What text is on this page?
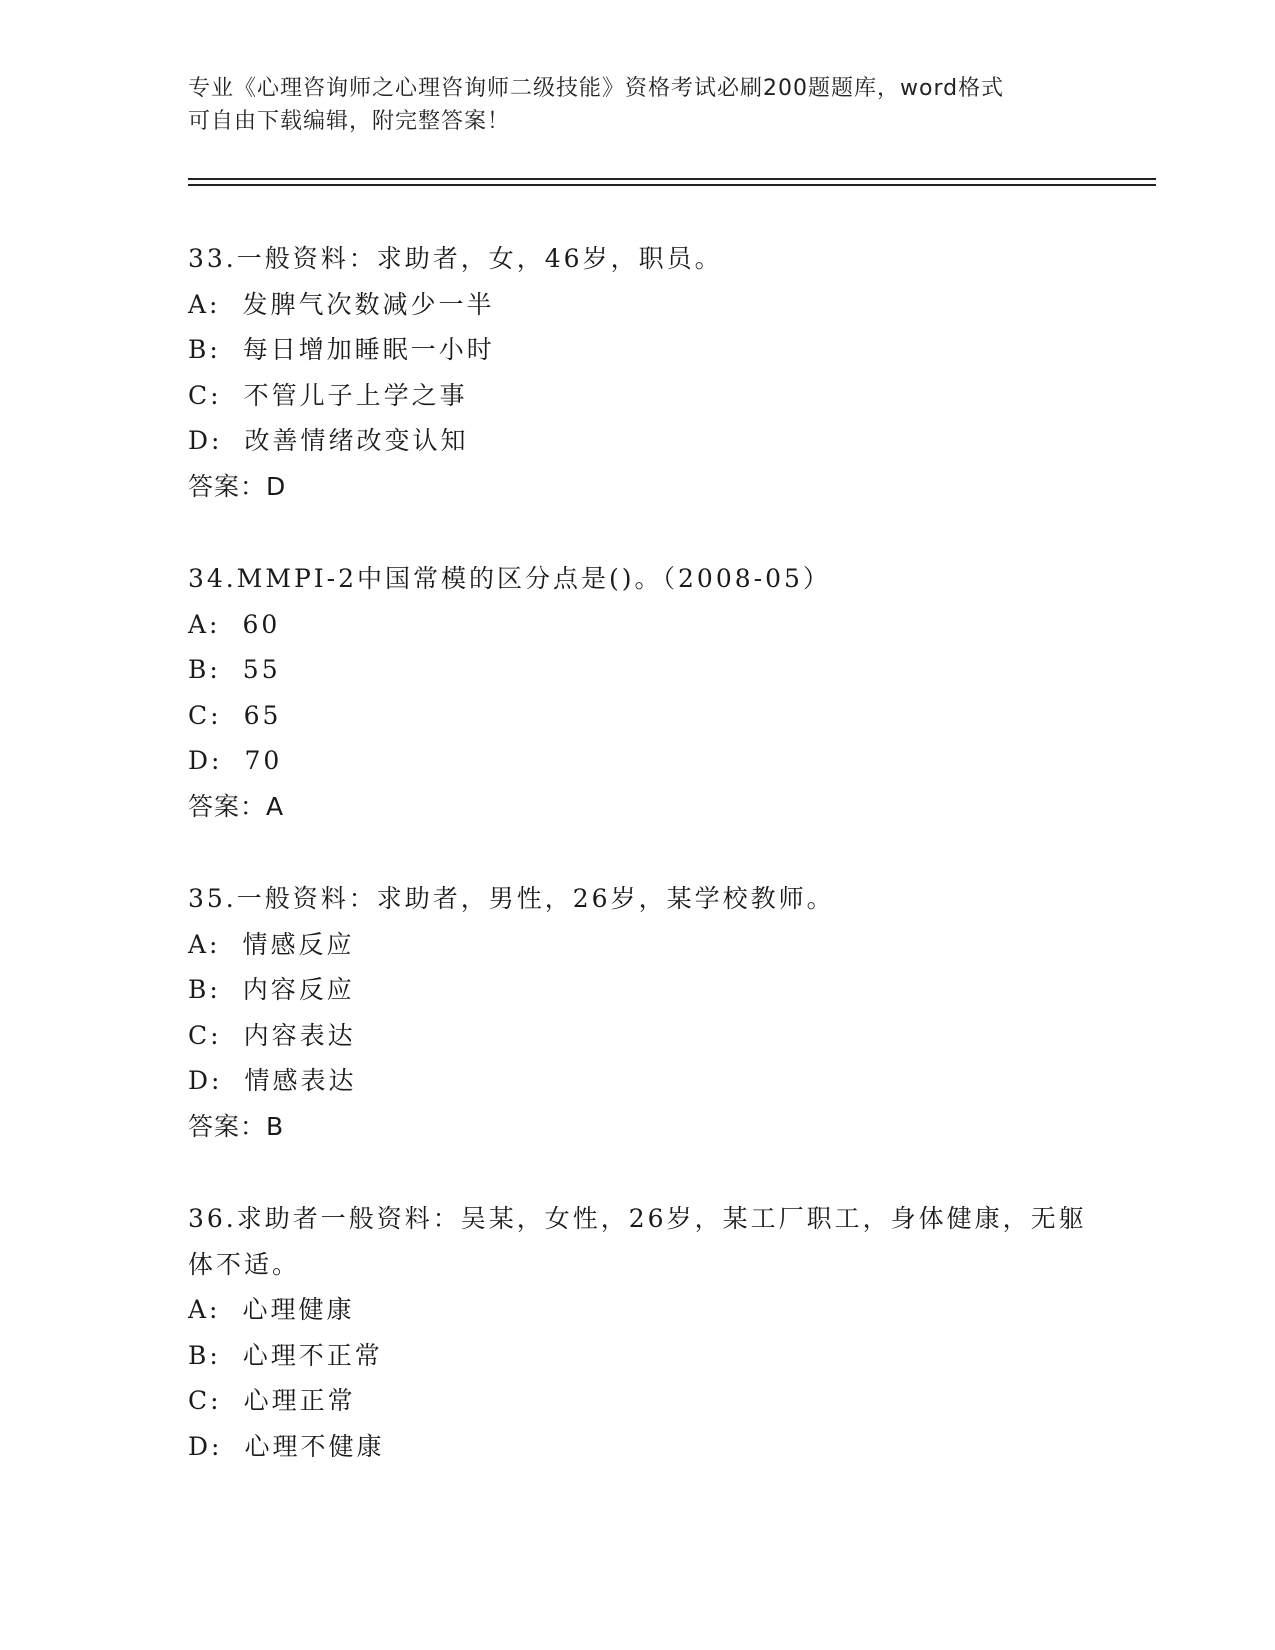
专业《心理咨询师之心理咨询师二级技能》资格考试必刷200题题库，word格式
可自由下载编辑，附完整答案！
33.一般资料：求助者，女，46岁，职员。
A: 发脾气次数减少一半
B: 每日增加睡眠一小时
C: 不管儿子上学之事
D: 改善情绪改变认知
答案：D
34.MMPI-2中国常模的区分点是()。（2008-05）
A: 60
B: 55
C: 65
D: 70
答案：A
35.一般资料：求助者，男性，26岁，某学校教师。
A: 情感反应
B: 内容反应
C: 内容表达
D: 情感表达
答案：B
36.求助者一般资料：吴某，女性，26岁，某工厂职工，身体健康，无躯体不适。
A: 心理健康
B: 心理不正常
C: 心理正常
D: 心理不健康
